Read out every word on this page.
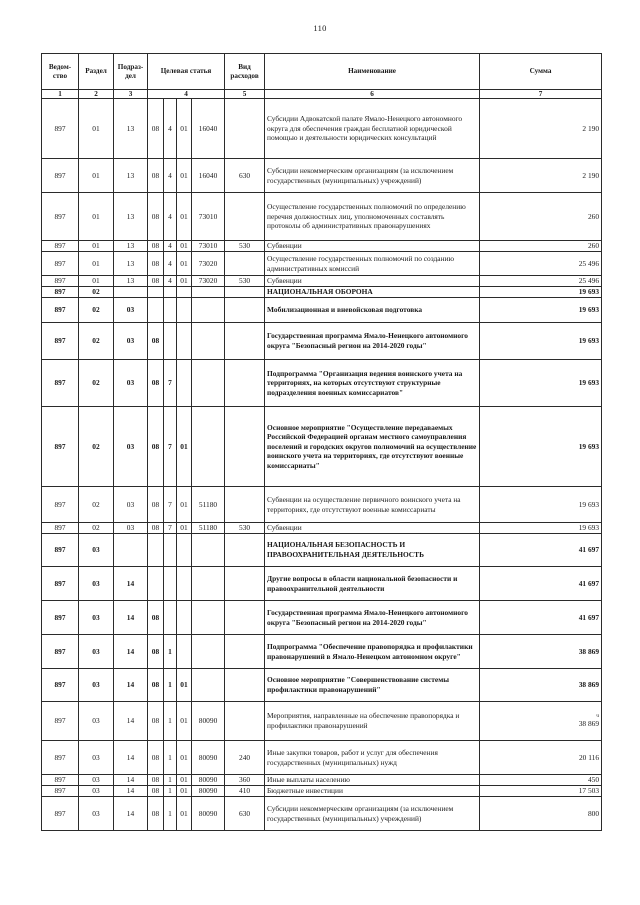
110
Ведом-
ство	Раздел	Подраз-
дел	Целевая статья				Вид
расходов	Наименование	Сумма
1	2	3	4				5	6	7
897	01	13	08	4	01	16040		Субсидии Адвокатской палате Ямало-Ненецкого автономного округа для обеспечения граждан бесплатной юридической помощью и деятельности юридических консультаций	2 190
897	01	13	08	4	01	16040	630	Субсидии некоммерческим организациям (за исключением государственных (муниципальных) учреждений)	2 190
897	01	13	08	4	01	73010		Осуществление государственных полномочий по определению перечня должностных лиц, уполномоченных составлять протоколы об административных правонарушениях	260
897	01	13	08	4	01	73010	530	Субвенции	260
897	01	13	08	4	01	73020		Осуществление государственных полномочий по созданию административных комиссий	25 496
897	01	13	08	4	01	73020	530	Субвенции	25 496
897	02							НАЦИОНАЛЬНАЯ ОБОРОНА	19 693
897	02	03						Мобилизационная и вневойсковая подготовка	19 693
897	02	03	08					Государственная программа Ямало-Ненецкого автономного округа "Безопасный регион на 2014-2020 годы"	19 693
897	02	03	08	7				Подпрограмма "Организация ведения воинского учета на территориях, на которых отсутствуют структурные подразделения военных комиссариатов"	19 693
897	02	03	08	7	01			Основное мероприятие "Осуществление передаваемых Российской Федерацией органам местного самоуправления поселений и городских округов полномочий на осуществление воинского учета на территориях, где отсутствуют военные комиссариаты"	19 693
897	02	03	08	7	01	51180		Субвенции на осуществление первичного воинского учета на территориях, где отсутствуют военные комиссариаты	19 693
897	02	03	08	7	01	51180	530	Субвенции	19 693
897	03							НАЦИОНАЛЬНАЯ БЕЗОПАСНОСТЬ И ПРАВООХРАНИТЕЛЬНАЯ ДЕЯТЕЛЬНОСТЬ	41 697
897	03	14						Другие вопросы в области национальной безопасности и правоохранительной деятельности	41 697
897	03	14	08					Государственная программа Ямало-Ненецкого автономного округа "Безопасный регион на 2014-2020 годы"	41 697
897	03	14	08	1				Подпрограмма "Обеспечение правопорядка и профилактики правонарушений в Ямало-Ненецком автономном округе"	38 869
897	03	14	08	1	01			Основное мероприятие "Совершенствование системы профилактики правонарушений"	38 869
897	03	14	08	1	01	80090		Мероприятия, направленные на обеспечение правопорядка и профилактики правонарушений	ч
38 869
897	03	14	08	1	01	80090	240	Иные закупки товаров, работ и услуг для обеспечения государственных (муниципальных) нужд	20 116
897	03	14	08	1	01	80090	360	Иные выплаты населению	450
897	03	14	08	1	01	80090	410	Бюджетные инвестиции	17 503
897	03	14	08	1	01	80090	630	Субсидии некоммерческим организациям (за исключением государственных (муниципальных) учреждений)	800
